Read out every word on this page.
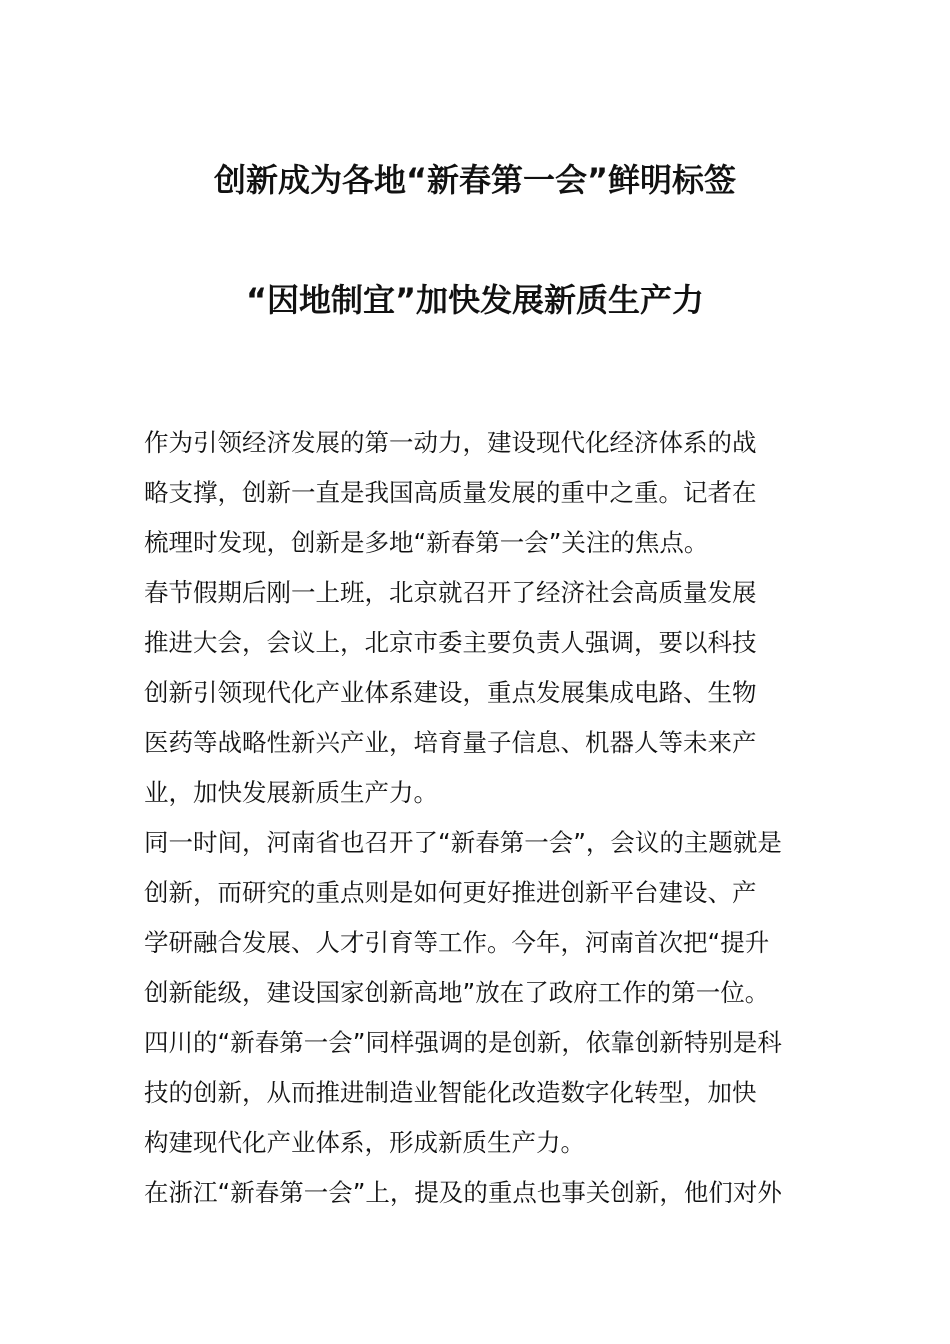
创新成为各地“新春第一会”鲜明标签
“因地制宜”加快发展新质生产力
作为引领经济发展的第一动力，建设现代化经济体系的战
略支撑，创新一直是我国高质量发展的重中之重。记者在
梳理时发现，创新是多地“新春第一会”关注的焦点。
春节假期后刚一上班，北京就召开了经济社会高质量发展
推进大会，会议上，北京市委主要负责人强调，要以科技
创新引领现代化产业体系建设，重点发展集成电路、生物
医药等战略性新兴产业，培育量子信息、机器人等未来产
业，加快发展新质生产力。
同一时间，河南省也召开了“新春第一会”，会议的主题就是
创新，而研究的重点则是如何更好推进创新平台建设、产
学研融合发展、人才引育等工作。今年，河南首次把“提升
创新能级，建设国家创新高地”放在了政府工作的第一位。
四川的“新春第一会”同样强调的是创新，依靠创新特别是科
技的创新，从而推进制造业智能化改造数字化转型，加快
构建现代化产业体系，形成新质生产力。
在浙江“新春第一会”上，提及的重点也事关创新，他们对外
